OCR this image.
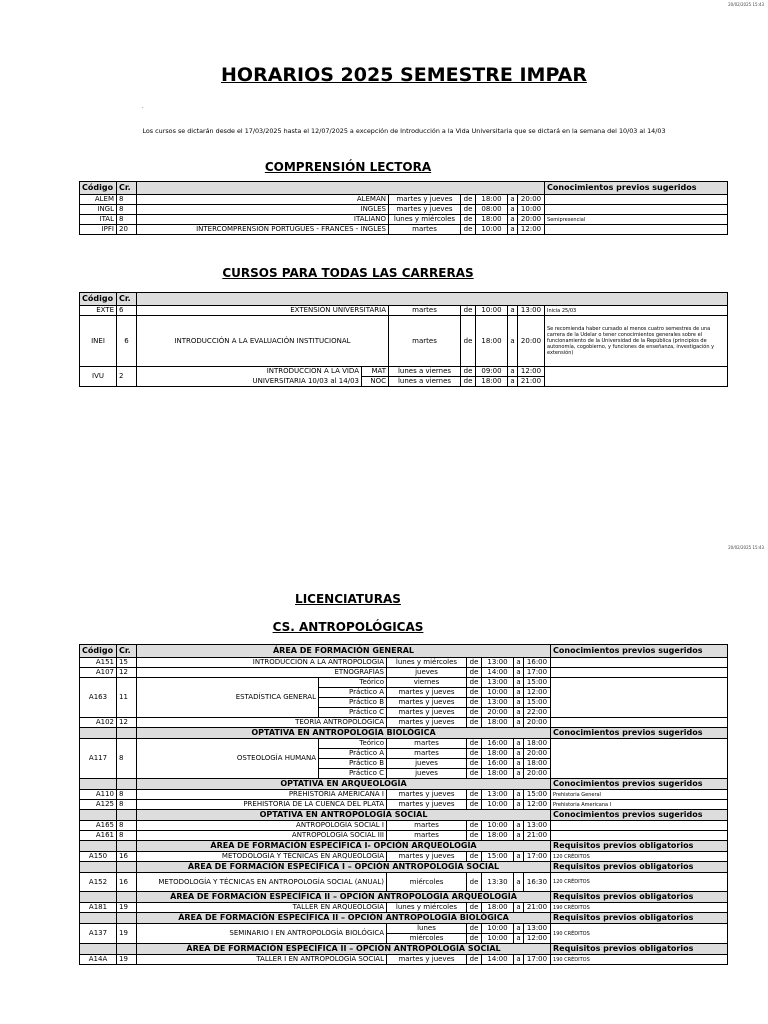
20/02/2025 15:43
HORARIOS 2025 SEMESTRE IMPAR
.
Los cursos se dictarán desde el 17/03/2025 hasta el 12/07/2025 a excepción de Introducción a la Vida Universitaria que se dictará en la semana del 10/03 al 14/03
COMPRENSIÓN LECTORA
Código	Cr.							Conocimientos previos sugeridos
ALEM	8	ALEMAN	martes y jueves	de	18:00	a	20:00	
INGL	8	INGLES	martes y jueves	de	08:00	a	10:00	
ITAL	8	ITALIANO	lunes y miércoles	de	18:00	a	20:00	Semipresencial
IPFI	20	INTERCOMPRENSION PORTUGUES - FRANCES - INGLES	martes	de	10:00	a	12:00	
CURSOS PARA TODAS LAS CARRERAS
Código	Cr.								
EXTE	6	EXTENSIÓN UNIVERSITARIA		martes	de	10:00	a	13:00	Inicia 25/03
INEI	6	INTRODUCCIÓN A LA EVALUACIÓN INSTITUCIONAL		martes	de	18:00	a	20:00	Se recomienda haber cursado al menos cuatro semestres de una carrera de la Udelar o tener conocimientos generales sobre el funcionamiento de la Universidad de la República (principios de autonomía, cogobierno, y funciones de enseñanza, investigación y extensión)
IVU	2	INTRODUCCION A LA VIDA	MAT	lunes a viernes	de	09:00	a	12:00	
		UNIVERSITARIA 10/03 al 14/03	NOC	lunes a viernes	de	18:00	a	21:00	
20/02/2025 15:43
LICENCIATURAS
CS. ANTROPOLÓGICAS
Código	Cr.	ÁREA DE FORMACIÓN GENERAL							Conocimientos previos sugeridos
A151	15	INTRODUCCIÓN A LA ANTROPOLOGÍA		lunes y miércoles	de	13:00	a	16:00	
A107	12	ETNOGRAFÍAS		jueves	de	14:00	a	17:00	
A163	11	ESTADÍSTICA GENERAL	Teórico	viernes	de	13:00	a	15:00	
			Práctico A	martes y jueves	de	10:00	a	12:00	
			Práctico B	martes y jueves	de	13:00	a	15:00	
			Práctico C	martes y jueves	de	20:00	a	22:00	
A102	12	TEORÍA ANTROPOLÓGICA		martes y jueves	de	18:00	a	20:00	
		OPTATIVA EN ANTROPOLOGÍA BIOLÓGICA							Conocimientos previos sugeridos
A117	8	OSTEOLOGÍA HUMANA	Teórico	martes	de	16:00	a	18:00	
			Práctico A	martes	de	18:00	a	20:00	
			Práctico B	jueves	de	16:00	a	18:00	
			Práctico C	jueves	de	18:00	a	20:00	
		OPTATIVA EN ARQUEOLOGÍA							Conocimientos previos sugeridos
A110	8	PREHISTORIA AMERICANA I		martes y jueves	de	13:00	a	15:00	Prehistoria General
A125	8	PREHISTORIA DE LA CUENCA DEL PLATA		martes y jueves	de	10:00	a	12:00	Prehistoria Americana I
		OPTATIVA EN ANTROPOLOGÍA SOCIAL							Conocimientos previos sugeridos
A165	8	ANTROPOLOGÍA SOCIAL I		martes	de	10:00	a	13:00	
A161	8	ANTROPOLOGÍA SOCIAL III		martes	de	18:00	a	21:00	
		ÁREA DE FORMACIÓN ESPECÍFICA I- OPCIÓN ARQUEOLOGÍA							Requisitos previos obligatorios
A150	16	METODOLOGÍA Y TÉCNICAS EN ARQUEOLOGÍA		martes y jueves	de	15:00	a	17:00	120 CRÉDITOS
		ÁREA DE FORMACIÓN ESPECÍFICA I – OPCIÓN ANTROPOLOGÍA SOCIAL							Requisitos previos obligatorios
A152	16	METODOLOGÍA Y TÉCNICAS EN ANTROPOLOGÍA SOCIAL (ANUAL)		miércoles	de	13:30	a	16:30	120 CRÉDITOS
		ÁREA DE FORMACIÓN ESPECÍFICA II – OPCIÓN ANTROPOLOGÍA ARQUEOLOGÍA							Requisitos previos obligatorios
A181	19	TALLER EN ARQUEOLOGÍA		lunes y miércoles	de	18:00	a	21:00	190 CRÉDITOS
		ÁREA DE FORMACIÓN ESPECÍFICA II – OPCIÓN ANTROPOLOGÍA BIOLÓGICA							Requisitos previos obligatorios
A137	19	SEMINARIO I EN ANTROPOLOGÍA BIOLÓGICA		lunes	de	10:00	a	13:00	190 CRÉDITOS
				miércoles	de	10:00	a	12:00	
		ÁREA DE FORMACIÓN ESPECÍFICA II – OPCIÓN ANTROPOLOGÍA SOCIAL							Requisitos previos obligatorios
A14A	19	TALLER I EN ANTROPOLOGÍA SOCIAL		martes y jueves	de	14:00	a	17:00	190 CRÉDITOS
